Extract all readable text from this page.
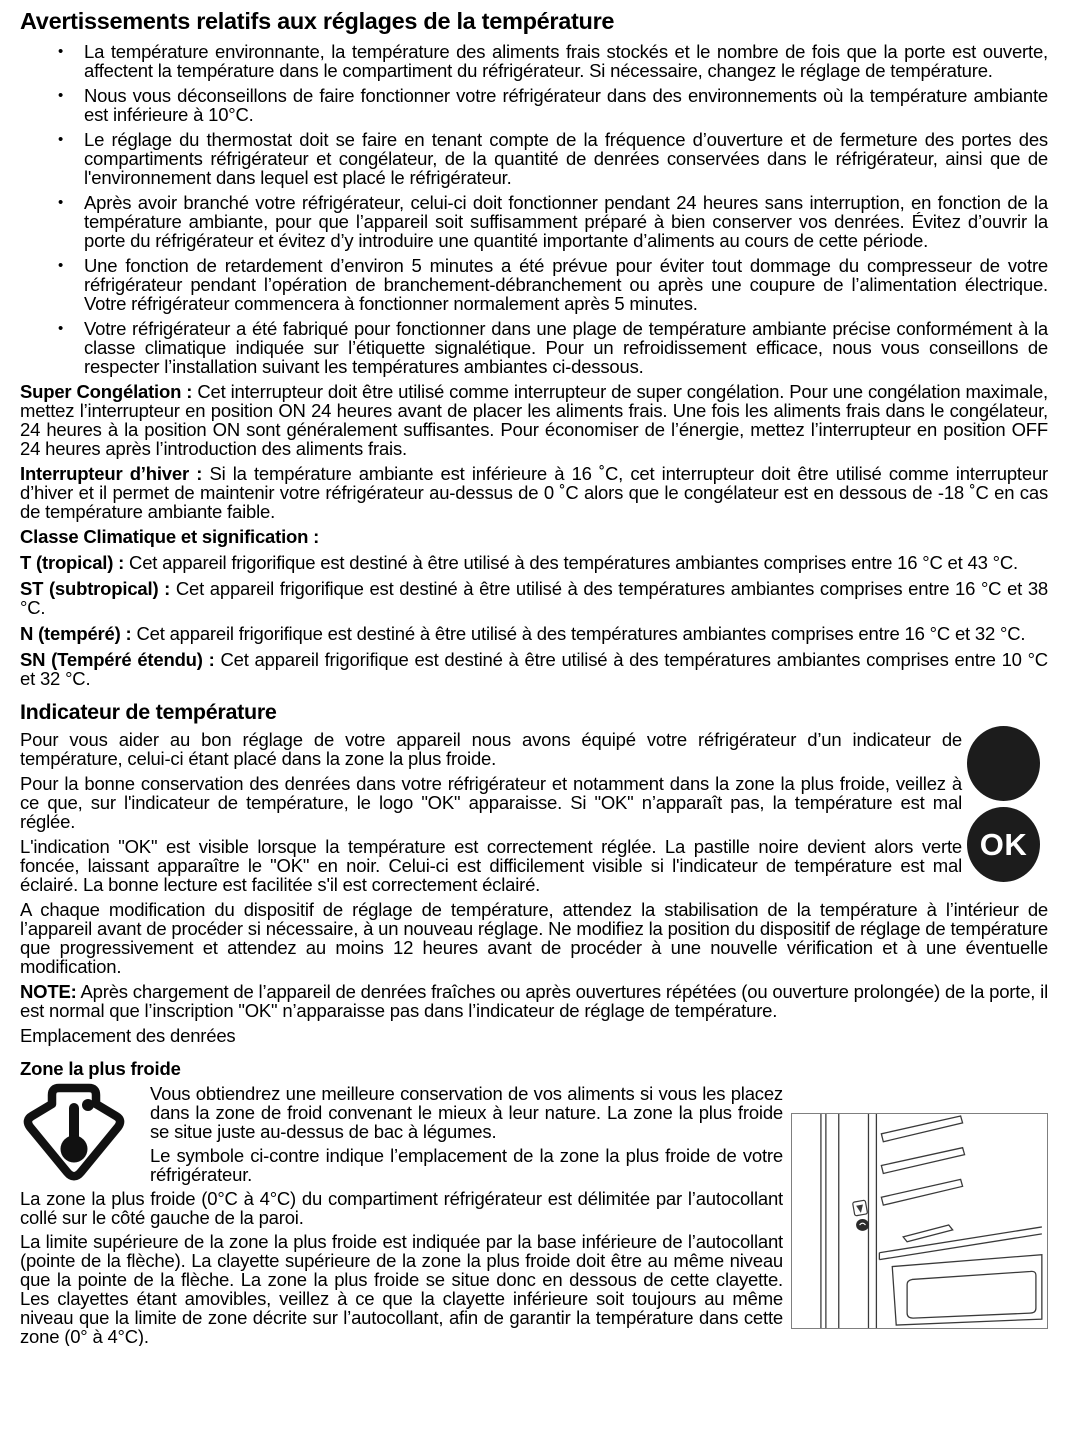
Avertissements relatifs aux réglages de la température
• La température environnante, la température des aliments frais stockés et le nombre de fois que la porte est ouverte, affectent la température dans le compartiment du réfrigérateur. Si nécessaire, changez le réglage de température.
• Nous vous déconseillons de faire fonctionner votre réfrigérateur dans des environnements où la température ambiante est inférieure à 10°C.
• Le réglage du thermostat doit se faire en tenant compte de la fréquence d’ouverture et de fermeture des portes des compartiments réfrigérateur et congélateur, de la quantité de denrées conservées dans le réfrigérateur, ainsi que de l'environnement dans lequel est placé le réfrigérateur.
• Après avoir branché votre réfrigérateur, celui-ci doit fonctionner pendant 24 heures sans interruption, en fonction de la température ambiante, pour que l’appareil soit suffisamment préparé à bien conserver vos denrées. Évitez d’ouvrir la porte du réfrigérateur et évitez d’y introduire une quantité importante d’aliments au cours de cette période.
• Une fonction de retardement d’environ 5 minutes a été prévue pour éviter tout dommage du compresseur de votre réfrigérateur pendant l’opération de branchement-débranchement ou après une coupure de l’alimentation électrique. Votre réfrigérateur commencera à fonctionner normalement après 5 minutes.
• Votre réfrigérateur a été fabriqué pour fonctionner dans une plage de température ambiante précise conformément à la classe climatique indiquée sur l’étiquette signalétique. Pour un refroidissement efficace, nous vous conseillons de respecter l’installation suivant les températures ambiantes ci-dessous.

Super Congélation : Cet interrupteur doit être utilisé comme interrupteur de super congélation. Pour une congélation maximale, mettez l’interrupteur en position ON 24 heures avant de placer les aliments frais. Une fois les aliments frais dans le congélateur, 24 heures à la position ON sont généralement suffisantes. Pour économiser de l’énergie, mettez l’interrupteur en position OFF 24 heures après l’introduction des aliments frais.

Interrupteur d’hiver : Si la température ambiante est inférieure à 16 ˚C, cet interrupteur doit être utilisé comme interrupteur d’hiver et il permet de maintenir votre réfrigérateur au-dessus de 0 ˚C alors que le congélateur est en dessous de -18 ˚C en cas de température ambiante faible.

Classe Climatique et signification :

T (tropical) : Cet appareil frigorifique est destiné à être utilisé à des températures ambiantes comprises entre 16 °C et 43 °C.

ST (subtropical) : Cet appareil frigorifique est destiné à être utilisé à des températures ambiantes comprises entre 16 °C et 38 °C.

N (tempéré) : Cet appareil frigorifique est destiné à être utilisé à des températures ambiantes comprises entre 16 °C et 32 °C.

SN (Tempéré étendu) : Cet appareil frigorifique est destiné à être utilisé à des températures ambiantes comprises entre 10 °C et 32 °C.

Indicateur de température
OK

Pour vous aider au bon réglage de votre appareil nous avons équipé votre réfrigérateur d’un indicateur de température, celui-ci étant placé dans la zone la plus froide.

Pour la bonne conservation des denrées dans votre réfrigérateur et notamment dans la zone la plus froide, veillez à ce que, sur l'indicateur de température, le logo "OK" apparaisse. Si "OK" n’apparaît pas, la température est mal réglée.

L'indication "OK" est visible lorsque la température est correctement réglée. La pastille noire devient alors verte foncée, laissant apparaître le "OK" en noir. Celui-ci est difficilement visible si l'indicateur de température est mal éclairé. La bonne lecture est facilitée s'il est correctement éclairé.

A chaque modification du dispositif de réglage de température, attendez la stabilisation de la température à l’intérieur de l’appareil avant de procéder si nécessaire, à un nouveau réglage. Ne modifiez la position du dispositif de réglage de température que progressivement et attendez au moins 12 heures avant de procéder à une nouvelle vérification et à une éventuelle modification.

NOTE: Après chargement de l’appareil de denrées fraîches ou après ouvertures répétées (ou ouverture prolongée) de la porte, il est normal que l’inscription "OK" n’apparaisse pas dans l’indicateur de réglage de température.

Emplacement des denrées

Zone la plus froide

Vous obtiendrez une meilleure conservation de vos aliments si vous les placez dans la zone de froid convenant le mieux à leur nature. La zone la plus froide se situe juste au-dessus de bac à légumes.

Le symbole ci-contre indique l’emplacement de la zone la plus froide de votre réfrigérateur.

La zone la plus froide (0°C à 4°C) du compartiment réfrigérateur est délimitée par l’autocollant collé sur le côté gauche de la paroi.

La limite supérieure de la zone la plus froide est indiquée par la base inférieure de l’autocollant (pointe de la flèche). La clayette supérieure de la zone la plus froide doit être au même niveau que la pointe de la flèche. La zone la plus froide se situe donc en dessous de cette clayette. Les clayettes étant amovibles, veillez à ce que la clayette inférieure soit toujours au même niveau que la limite de zone décrite sur l’autocollant, afin de garantir la température dans cette zone (0° à 4°C).
